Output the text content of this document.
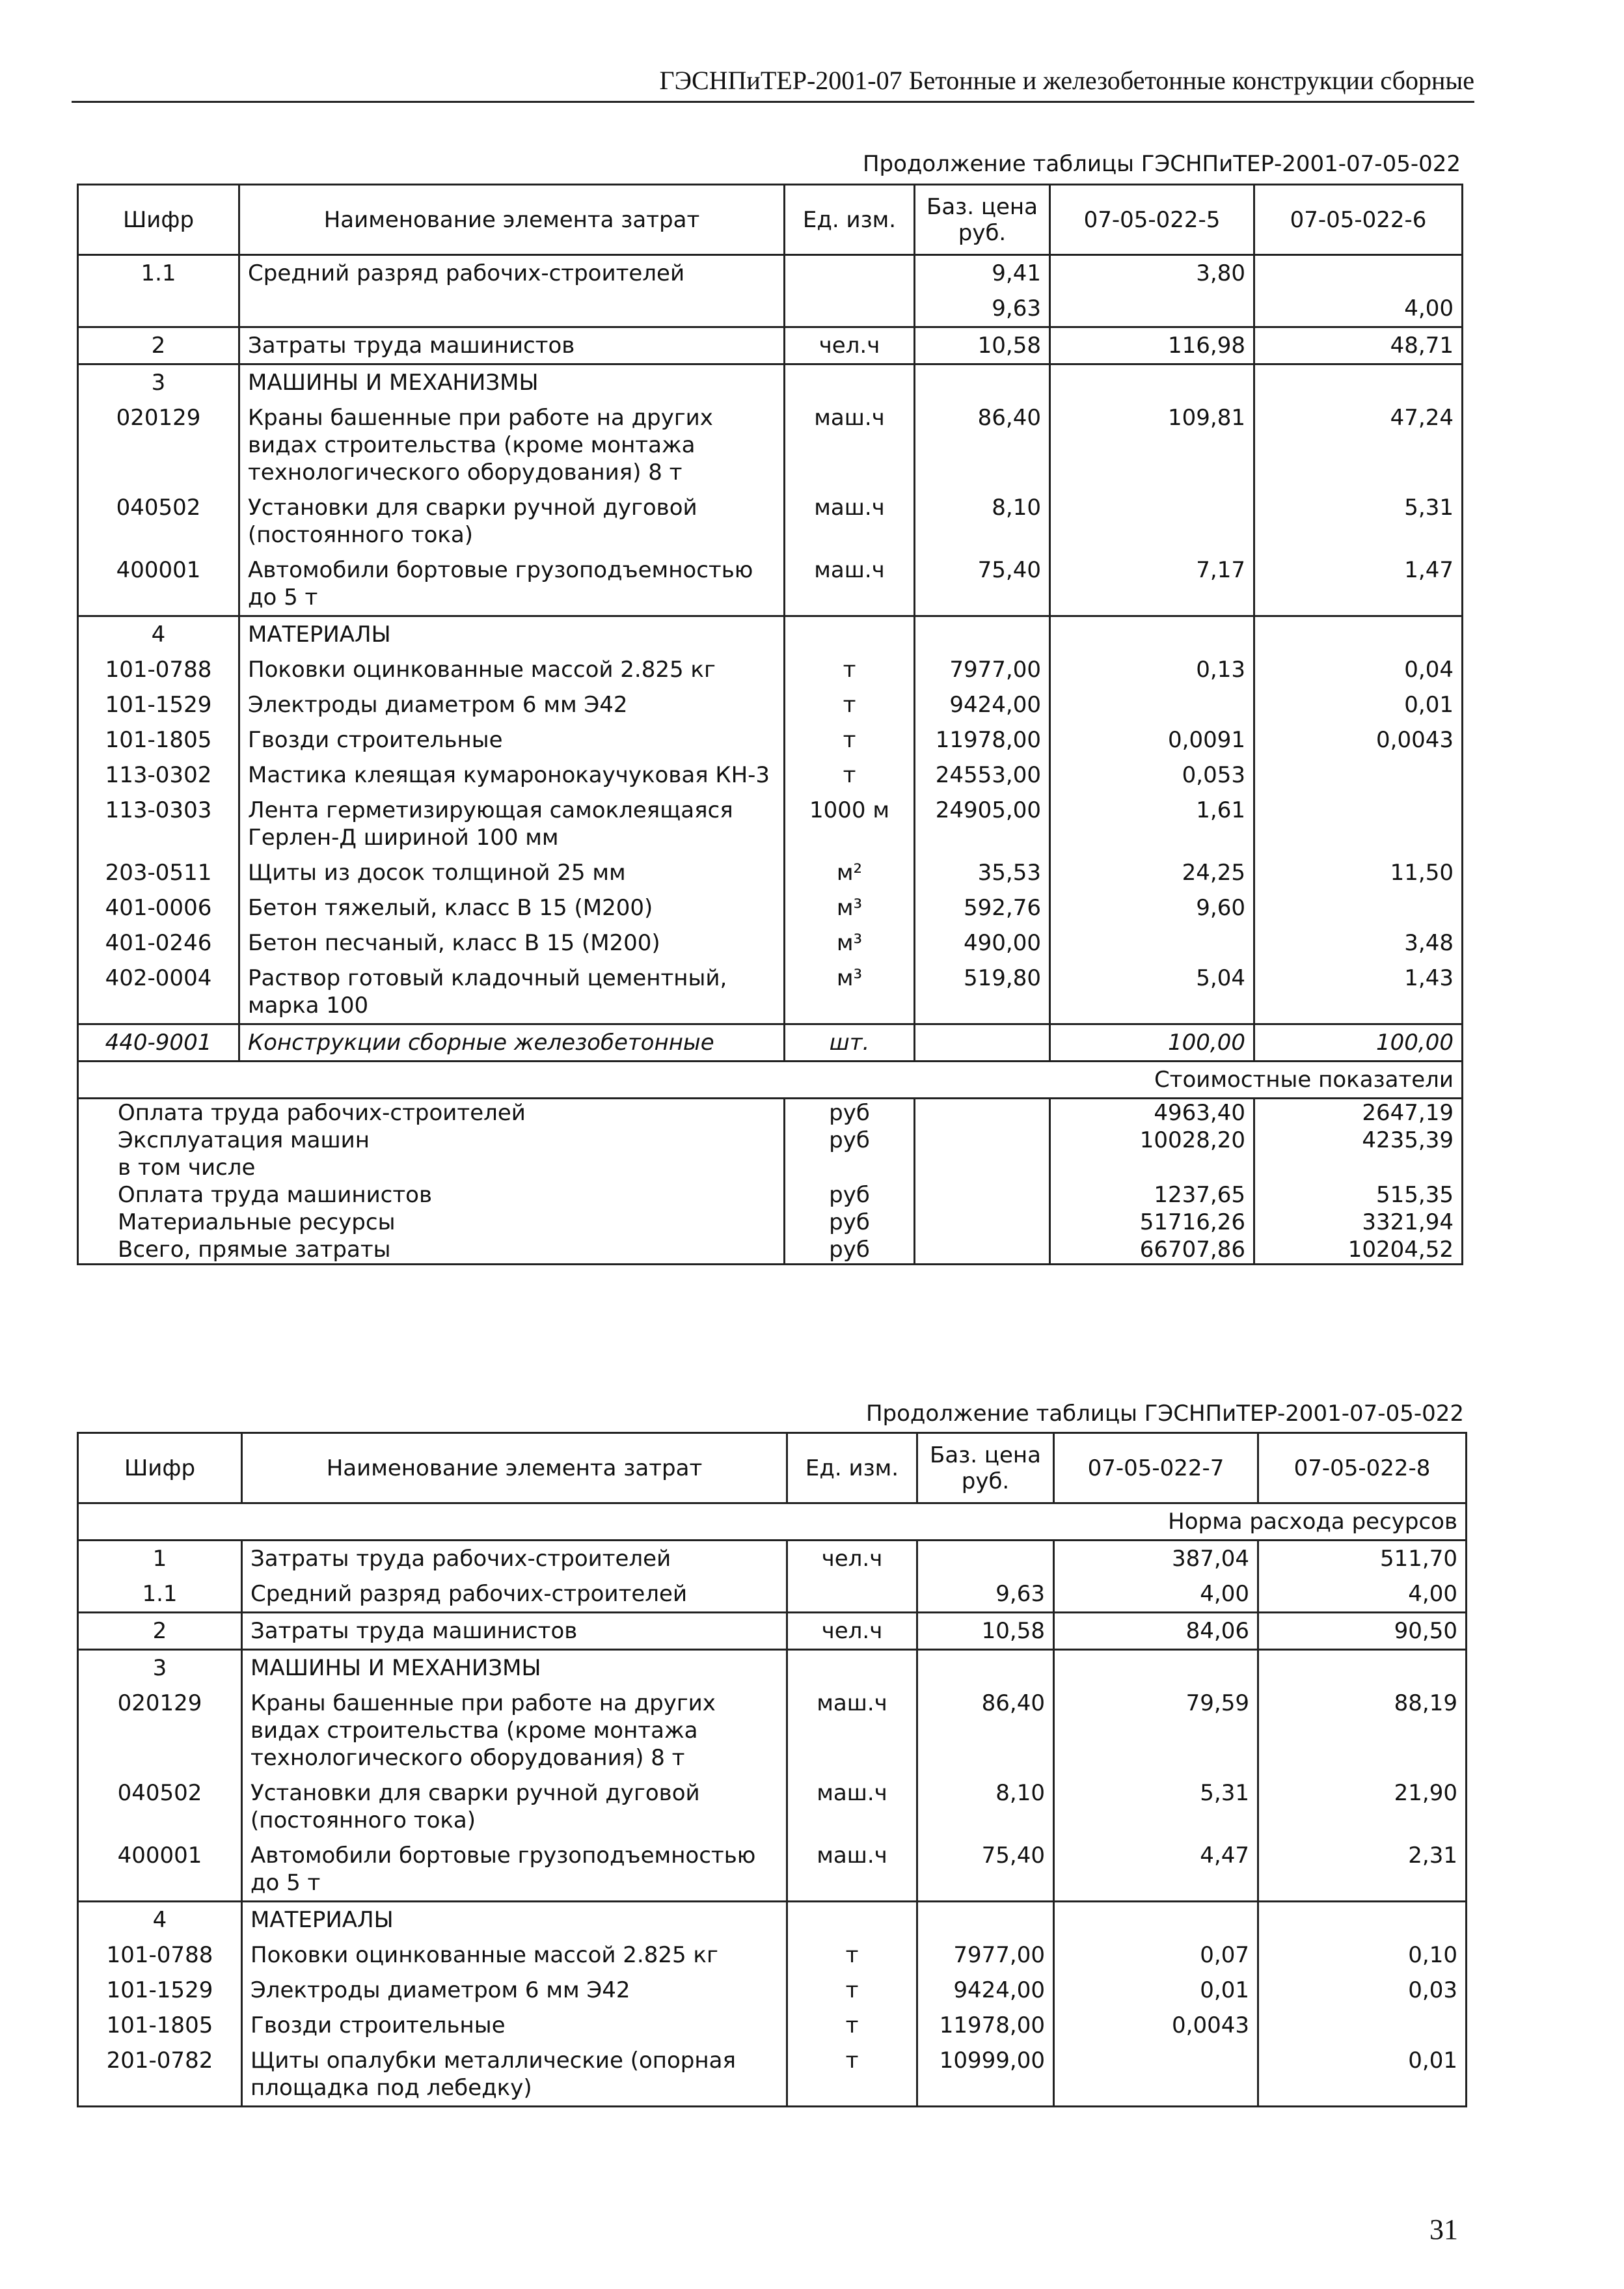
ГЭСНПиТЕР-2001-07 Бетонные и железобетонные конструкции сборные
Продолжение таблицы ГЭСНПиТЕР-2001-07-05-022
Шифр	Наименование элемента затрат	Ед. изм.	Баз. цена руб.	07-05-022-5	07-05-022-6
1.1	Средний разряд рабочих-строителей		9,41	3,80	
			9,63		4,00
2	Затраты труда машинистов	чел.ч	10,58	116,98	48,71
3	МАШИНЫ И МЕХАНИЗМЫ				
020129	Краны башенные при работе на других видах строительства (кроме монтажа технологического оборудования) 8 т	маш.ч	86,40	109,81	47,24
040502	Установки для сварки ручной дуговой (постоянного тока)	маш.ч	8,10		5,31
400001	Автомобили бортовые грузоподъемностью до 5 т	маш.ч	75,40	7,17	1,47
4	МАТЕРИАЛЫ				
101-0788	Поковки оцинкованные массой 2.825 кг	т	7977,00	0,13	0,04
101-1529	Электроды диаметром 6 мм Э42	т	9424,00		0,01
101-1805	Гвозди строительные	т	11978,00	0,0091	0,0043
113-0302	Мастика клеящая кумаронокаучуковая КН-3	т	24553,00	0,053	
113-0303	Лента герметизирующая самоклеящаяся Герлен-Д шириной 100 мм	1000 м	24905,00	1,61	
203-0511	Щиты из досок толщиной 25 мм	м²	35,53	24,25	11,50
401-0006	Бетон тяжелый, класс В 15 (М200)	м³	592,76	9,60	
401-0246	Бетон песчаный, класс В 15 (М200)	м³	490,00		3,48
402-0004	Раствор готовый кладочный цементный, марка 100	м³	519,80	5,04	1,43
440-9001	Конструкции сборные железобетонные	шт.		100,00	100,00
Стоимостные показатели					
Оплата труда рабочих-строителей		руб		4963,40	2647,19
Эксплуатация машин		руб		10028,20	4235,39
в том числе					
Оплата труда машинистов		руб		1237,65	515,35
Материальные ресурсы		руб		51716,26	3321,94
Всего, прямые затраты		руб		66707,86	10204,52
Продолжение таблицы ГЭСНПиТЕР-2001-07-05-022
Шифр	Наименование элемента затрат	Ед. изм.	Баз. цена руб.	07-05-022-7	07-05-022-8
Норма расхода ресурсов					
1	Затраты труда рабочих-строителей	чел.ч		387,04	511,70
1.1	Средний разряд рабочих-строителей		9,63	4,00	4,00
2	Затраты труда машинистов	чел.ч	10,58	84,06	90,50
3	МАШИНЫ И МЕХАНИЗМЫ				
020129	Краны башенные при работе на других видах строительства (кроме монтажа технологического оборудования) 8 т	маш.ч	86,40	79,59	88,19
040502	Установки для сварки ручной дуговой (постоянного тока)	маш.ч	8,10	5,31	21,90
400001	Автомобили бортовые грузоподъемностью до 5 т	маш.ч	75,40	4,47	2,31
4	МАТЕРИАЛЫ				
101-0788	Поковки оцинкованные массой 2.825 кг	т	7977,00	0,07	0,10
101-1529	Электроды диаметром 6 мм Э42	т	9424,00	0,01	0,03
101-1805	Гвозди строительные	т	11978,00	0,0043	
201-0782	Щиты опалубки металлические (опорная площадка под лебедку)	т	10999,00		0,01
31
